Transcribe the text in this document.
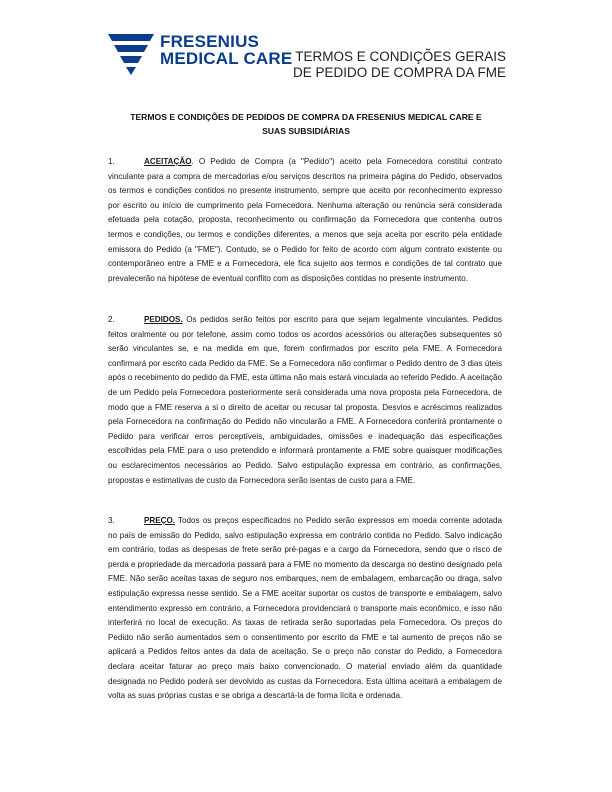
FRESENIUS
MEDICAL CARE TERMOS E CONDIÇÕES GERAIS
DE PEDIDO DE COMPRA DA FME
TERMOS E CONDIÇÕES DE PEDIDOS DE COMPRA DA FRESENIUS MEDICAL CARE E
SUAS SUBSIDIÁRIAS
1.	ACEITAÇÃO. O Pedido de Compra (a "Pedido") aceito pela Fornecedora constitui contrato vinculante para a compra de mercadorias e/ou serviços descritos na primeira página do Pedido, observados os termos e condições contidos no presente instrumento, sempre que aceito por reconhecimento expresso por escrito ou início de cumprimento pela Fornecedora. Nenhuma alteração ou renúncia será considerada efetuada pela cotação, proposta, reconhecimento ou confirmação da Fornecedora que contenha outros termos e condições, ou termos e condições diferentes, a menos que seja aceita por escrito pela entidade emissora do Pedido (a "FME"). Contudo, se o Pedido for feito de acordo com algum contrato existente ou contemporâneo entre a FME e a Fornecedora, ele fica sujeito aos termos e condições de tal contrato que prevalecerão na hipótese de eventual conflito com as disposições contidas no presente instrumento.
2.	PEDIDOS. Os pedidos serão feitos por escrito para que sejam legalmente vinculantes. Pedidos feitos oralmente ou por telefone, assim como todos os acordos acessórios ou alterações subsequentes só serão vinculantes se, e na medida em que, forem confirmados por escrito pela FME. A Fornecedora confirmará por escrito cada Pedido da FME. Se a Fornecedora não confirmar o Pedido dentro de 3 dias úteis após o recebimento do pedido da FME, esta última não mais estará vinculada ao referido Pedido. A aceitação de um Pedido pela Fornecedora posteriormente será considerada uma nova proposta pela Fornecedora, de modo que a FME reserva a si o direito de aceitar ou recusar tal proposta. Desvios e acréscimos realizados pela Fornecedora na confirmação do Pedido não vincularão a FME. A Fornecedora conferirá prontamente o Pedido para verificar erros perceptíveis, ambiguidades, omissões e inadequação das especificações escolhidas pela FME para o uso pretendido e informará prontamente a FME sobre quaisquer modificações ou esclarecimentos necessários ao Pedido. Salvo estipulação expressa em contrário, as confirmações, propostas e estimativas de custo da Fornecedora serão isentas de custo para a FME.
3.	PREÇO. Todos os preços especificados no Pedido serão expressos em moeda corrente adotada no país de emissão do Pedido, salvo estipulação expressa em contrário contida no Pedido. Salvo indicação em contrário, todas as despesas de frete serão pré-pagas e a cargo da Fornecedora, sendo que o risco de perda e propriedade da mercadoria passará para a FME no momento da descarga no destino designado pela FME. Não serão aceitas taxas de seguro nos embarques, nem de embalagem, embarcação ou draga, salvo estipulação expressa nesse sentido. Se a FME aceitar suportar os custos de transporte e embalagem, salvo entendimento expresso em contrário, a Fornecedora providenciará o transporte mais econômico, e isso não interferirá no local de execução. As taxas de retirada serão suportadas pela Fornecedora. Os preços do Pedido não serão aumentados sem o consentimento por escrito da FME e tal aumento de preços não se aplicará a Pedidos feitos antes da data de aceitação. Se o preço não constar do Pedido, a Fornecedora declara aceitar faturar ao preço mais baixo convencionado. O material enviado além da quantidade designada no Pedido poderá ser devolvido as custas da Fornecedora. Esta última aceitará a embalagem de volta as suas próprias custas e se obriga a descartá-la de forma lícita e ordenada.
